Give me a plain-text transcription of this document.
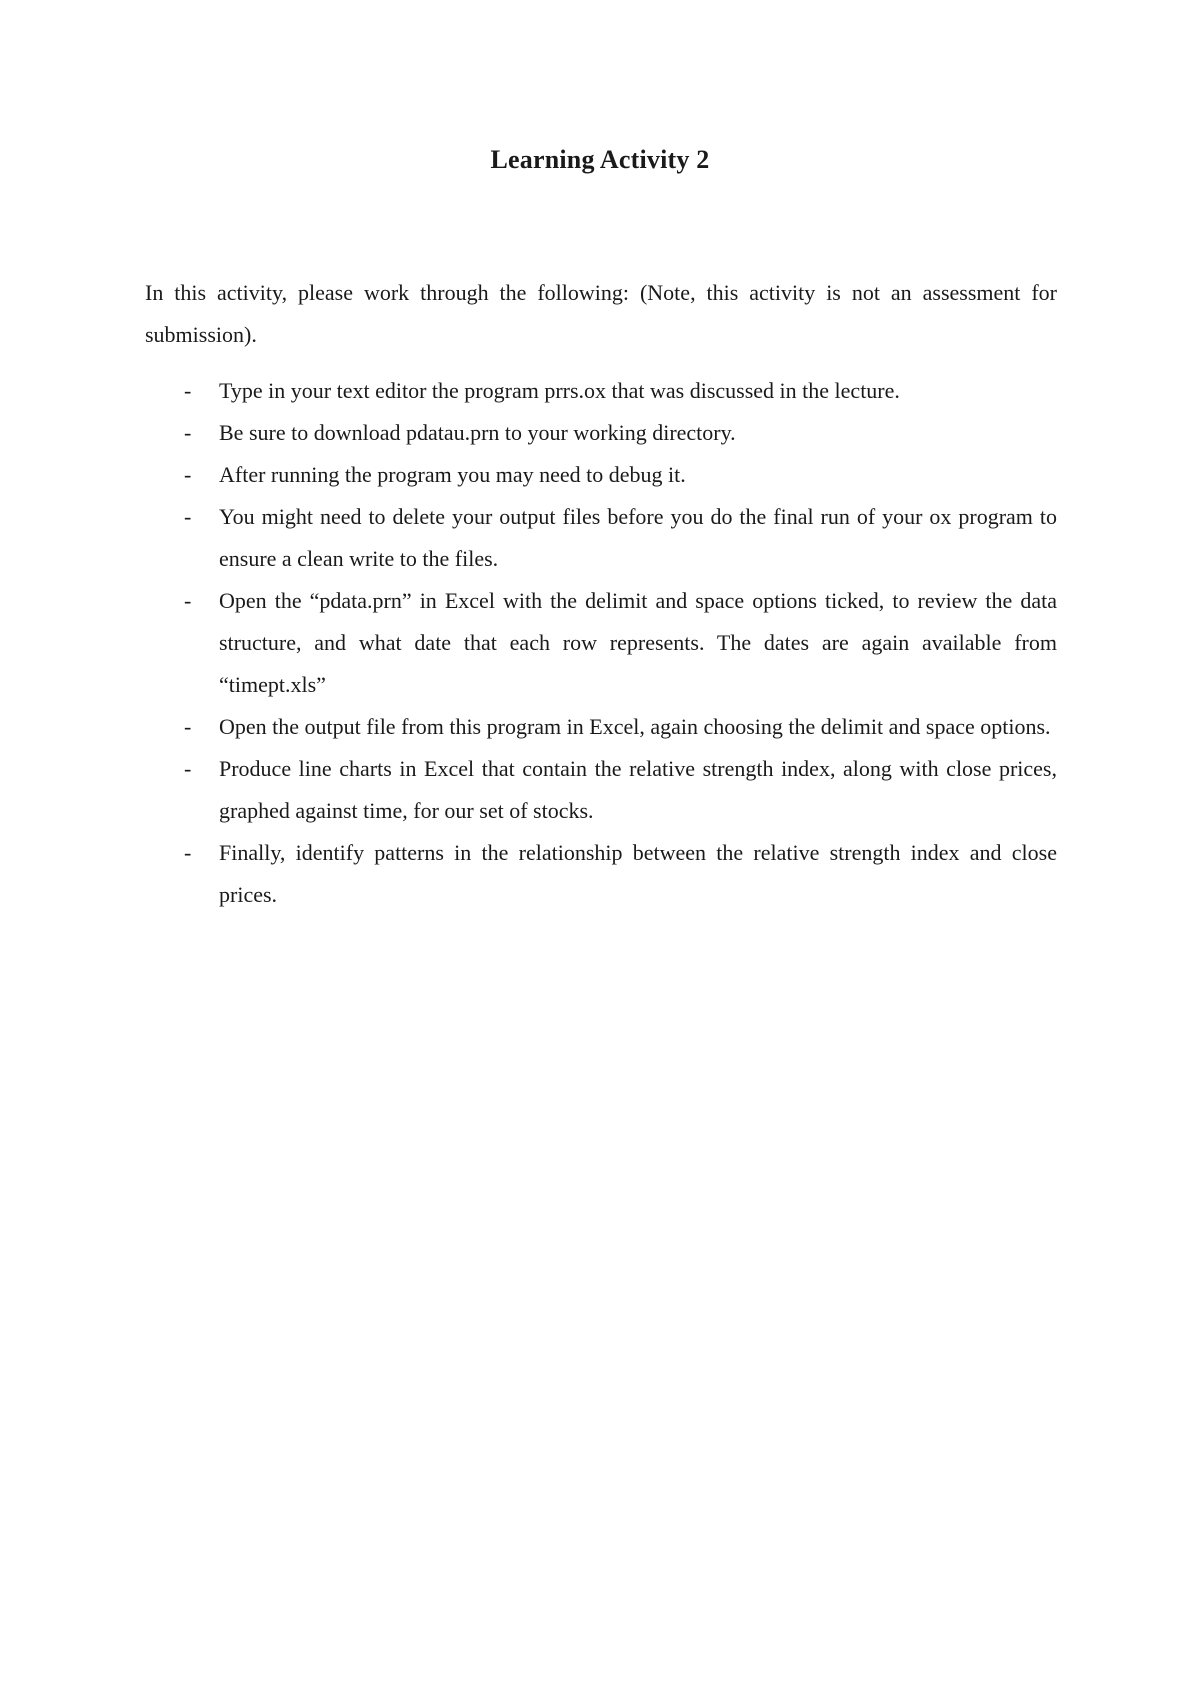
Learning Activity 2

In this activity, please work through the following: (Note, this activity is not an assessment for submission).

- Type in your text editor the program prrs.ox that was discussed in the lecture.
- Be sure to download pdatau.prn to your working directory.
- After running the program you may need to debug it.
- You might need to delete your output files before you do the final run of your ox program to ensure a clean write to the files.
- Open the “pdata.prn” in Excel with the delimit and space options ticked, to review the data structure, and what date that each row represents. The dates are again available from “timept.xls”
- Open the output file from this program in Excel, again choosing the delimit and space options.
- Produce line charts in Excel that contain the relative strength index, along with close prices, graphed against time, for our set of stocks.
- Finally, identify patterns in the relationship between the relative strength index and close prices.
